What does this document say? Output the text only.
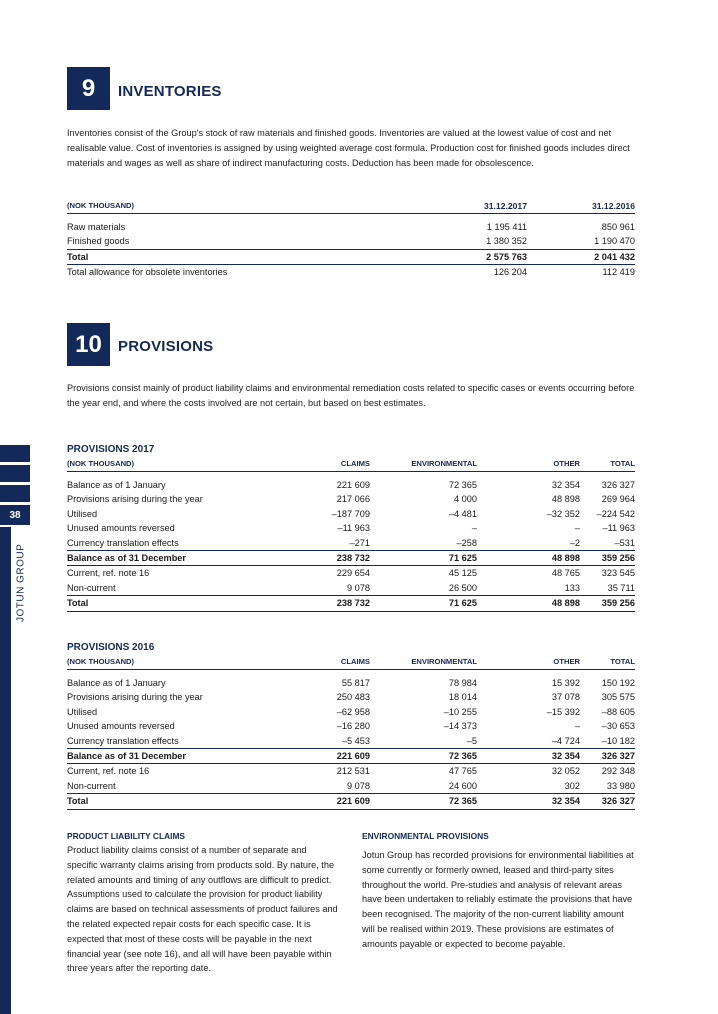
38
JOTUN GROUP
9	INVENTORIES
Inventories consist of the Group's stock of raw materials and finished goods. Inventories are valued at the lowest value of cost and net realisable value. Cost of inventories is assigned by using weighted average cost formula. Production cost for finished goods includes direct materials and wages as well as share of indirect manufacturing costs. Deduction has been made for obsolescence.
(NOK THOUSAND)	31.12.2017	31.12.2016

Raw materials	1 195 411	850 961
Finished goods	1 380 352	1 190 470
Total	2 575 763	2 041 432
Total allowance for obsolete inventories	126 204	112 419
10	PROVISIONS
Provisions consist mainly of product liability claims and environmental remediation costs related to specific cases or events occurring before the year end, and where the costs involved are not certain, but based on best estimates.
PROVISIONS 2017
(NOK THOUSAND)	CLAIMS	ENVIRONMENTAL	OTHER	TOTAL

Balance as of 1 January	221 609	72 365	32 354	326 327
Provisions arising during the year	217 066	4 000	48 898	269 964
Utilised	–187 709	–4 481	–32 352	–224 542
Unused amounts reversed	–11 963	–	–	–11 963
Currency translation effects	–271	–258	–2	–531
Balance as of 31 December	238 732	71 625	48 898	359 256
Current, ref. note 16	229 654	45 125	48 765	323 545
Non-current	9 078	26 500	133	35 711
Total	238 732	71 625	48 898	359 256
PROVISIONS 2016
(NOK THOUSAND)	CLAIMS	ENVIRONMENTAL	OTHER	TOTAL

Balance as of 1 January	55 817	78 984	15 392	150 192
Provisions arising during the year	250 483	18 014	37 078	305 575
Utilised	–62 958	–10 255	–15 392	–88 605
Unused amounts reversed	–16 280	–14 373	–	–30 653
Currency translation effects	–5 453	–5	–4 724	–10 182
Balance as of 31 December	221 609	72 365	32 354	326 327
Current, ref. note 16	212 531	47 765	32 052	292 348
Non-current	9 078	24 600	302	33 980
Total	221 609	72 365	32 354	326 327
PRODUCT LIABILITY CLAIMS
Product liability claims consist of a number of separate and specific warranty claims arising from products sold. By nature, the related amounts and timing of any outflows are difficult to predict. Assumptions used to calculate the provision for product liability claims are based on technical assessments of product failures and the related expected repair costs for each specific case. It is expected that most of these costs will be payable in the next financial year (see note 16), and all will have been payable within three years after the reporting date.
ENVIRONMENTAL PROVISIONS
Jotun Group has recorded provisions for environmental liabilities at some currently or formerly owned, leased and third-party sites throughout the world. Pre-studies and analysis of relevant areas have been undertaken to reliably estimate the provisions that have been recognised. The majority of the non-current liability amount will be realised within 2019. These provisions are estimates of amounts payable or expected to become payable.
